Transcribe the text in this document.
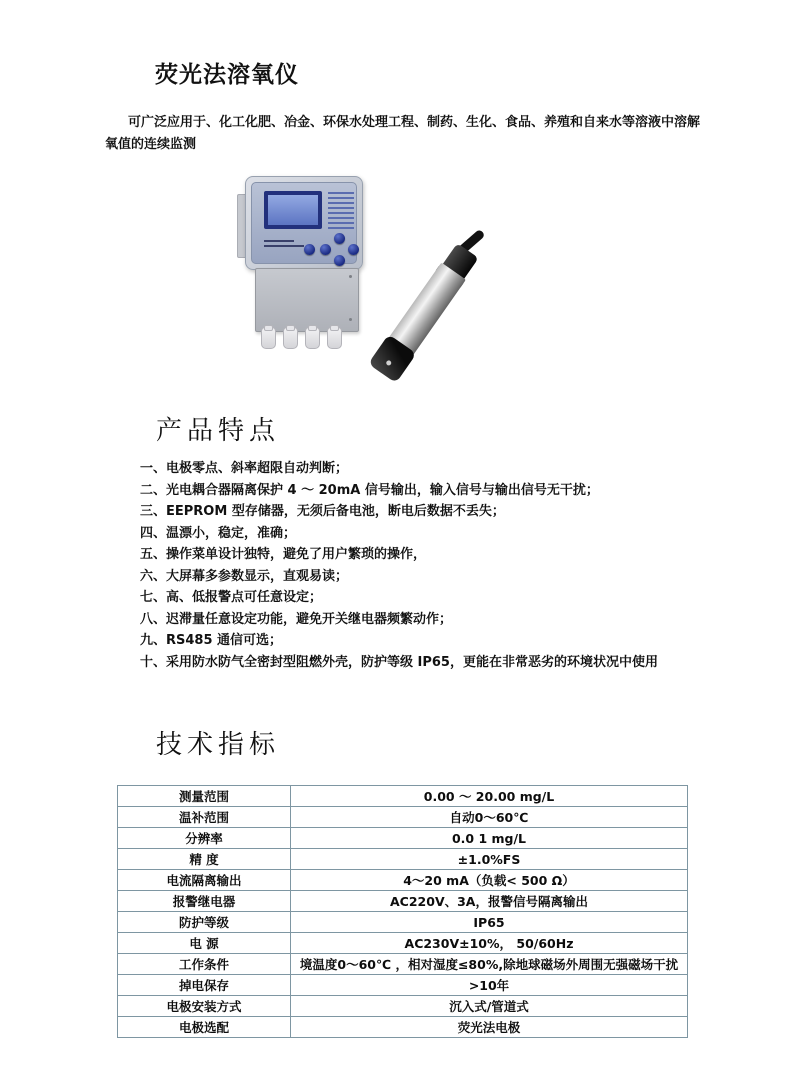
荧光法溶氧仪

可广泛应用于、化工化肥、冶金、环保水处理工程、制药、生化、食品、养殖和自来水等溶液中溶解氧值的连续监测

产品特点
一、电极零点、斜率超限自动判断；
二、光电耦合器隔离保护 4 ～ 20mA 信号输出，输入信号与输出信号无干扰；
三、EEPROM 型存储器，无须后备电池，断电后数据不丢失；
四、温漂小，稳定，准确；
五、操作菜单设计独特，避免了用户繁琐的操作，
六、大屏幕多参数显示，直观易读；
七、高、低报警点可任意设定；
八、迟滞量任意设定功能，避免开关继电器频繁动作；
九、RS485 通信可选；
十、采用防水防气全密封型阻燃外壳，防护等级 IP65，更能在非常恶劣的环境状况中使用
技术指标
测量范围	0.00 ～ 20.00 mg/L
温补范围	自动0～60℃
分辨率	0.0 1 mg/L
精 度	±1.0%FS
电流隔离输出	4～20 mA（负载< 500 Ω）
报警继电器	AC220V、3A，报警信号隔离输出
防护等级	IP65
电 源	AC230V±10%， 50/60Hz
工作条件	境温度0～60℃ ，相对湿度≤80%,除地球磁场外周围无强磁场干扰
掉电保存	>10年
电极安装方式	沉入式/管道式
电极选配	荧光法电极
